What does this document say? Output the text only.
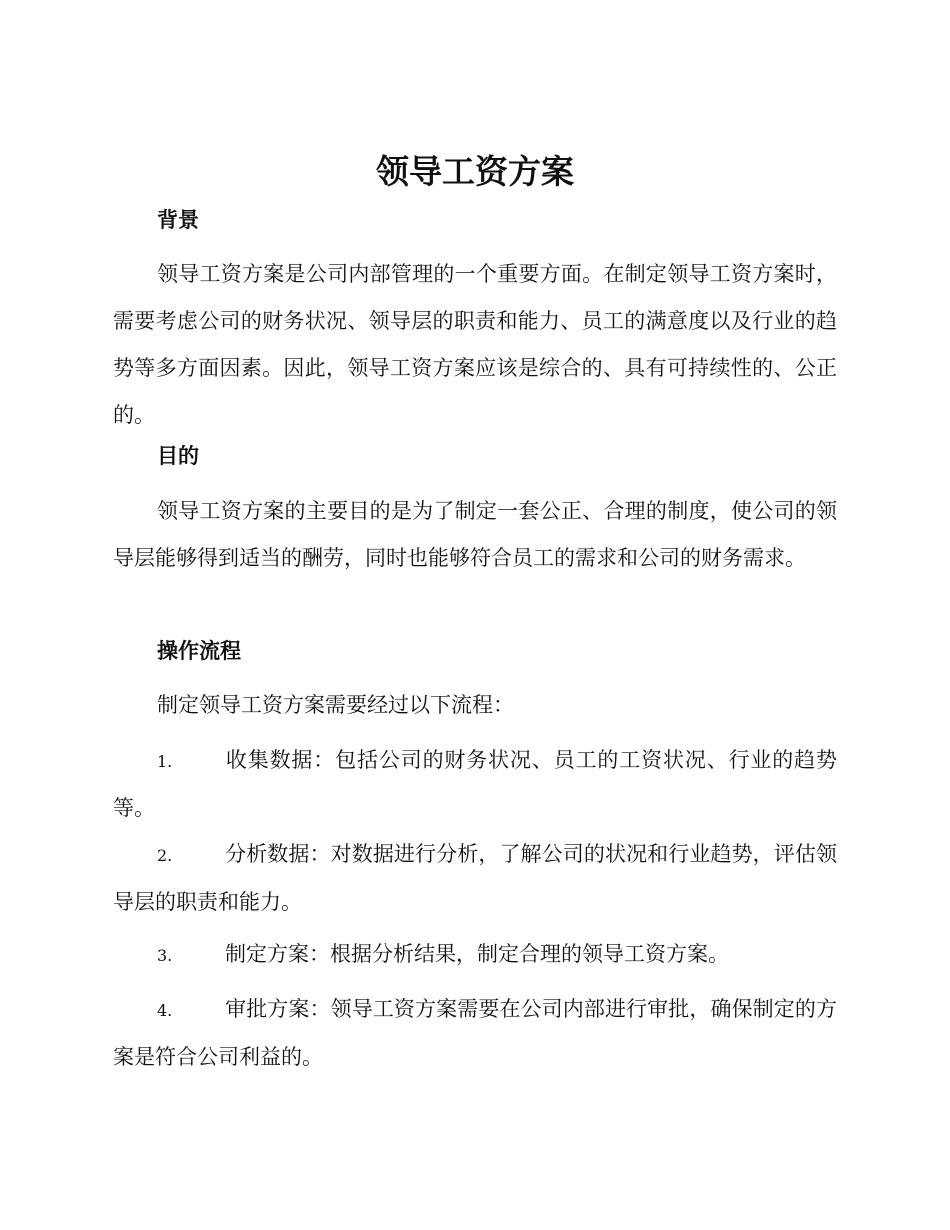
领导工资方案
背景

领导工资方案是公司内部管理的一个重要方面。在制定领导工资方案时，需要考虑公司的财务状况、领导层的职责和能力、员工的满意度以及行业的趋势等多方面因素。因此，领导工资方案应该是综合的、具有可持续性的、公正的。

目的

领导工资方案的主要目的是为了制定一套公正、合理的制度，使公司的领导层能够得到适当的酬劳，同时也能够符合员工的需求和公司的财务需求。

操作流程

制定领导工资方案需要经过以下流程：

1.	收集数据：包括公司的财务状况、员工的工资状况、行业的趋势等。

2.	分析数据：对数据进行分析，了解公司的状况和行业趋势，评估领导层的职责和能力。

3.	制定方案：根据分析结果，制定合理的领导工资方案。

4.	审批方案：领导工资方案需要在公司内部进行审批，确保制定的方案是符合公司利益的。
